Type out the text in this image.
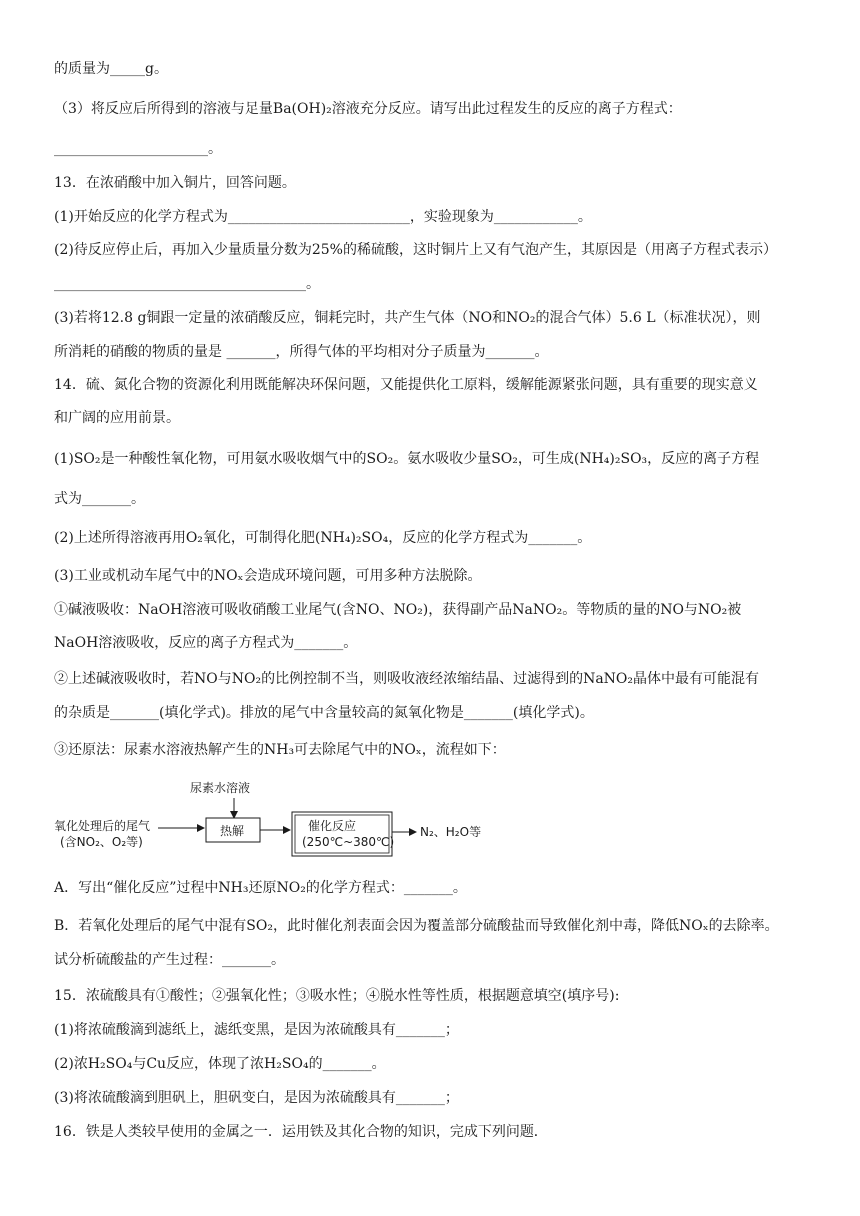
的质量为_____g。
（3）将反应后所得到的溶液与足量Ba(OH)₂溶液充分反应。请写出此过程发生的反应的离子方程式：
______________________。
13．在浓硝酸中加入铜片，回答问题。
(1)开始反应的化学方程式为__________________________，实验现象为____________。
(2)待反应停止后，再加入少量质量分数为25%的稀硫酸，这时铜片上又有气泡产生，其原因是（用离子方程式表示）
____________________________________。
(3)若将12.8 g铜跟一定量的浓硝酸反应，铜耗完时，共产生气体（NO和NO₂的混合气体）5.6 L（标准状况），则
所消耗的硝酸的物质的量是 _______，所得气体的平均相对分子质量为_______。
14．硫、氮化合物的资源化利用既能解决环保问题，又能提供化工原料，缓解能源紧张问题，具有重要的现实意义
和广阔的应用前景。
(1)SO₂是一种酸性氧化物，可用氨水吸收烟气中的SO₂。氨水吸收少量SO₂，可生成(NH₄)₂SO₃，反应的离子方程
式为_______。
(2)上述所得溶液再用O₂氧化，可制得化肥(NH₄)₂SO₄，反应的化学方程式为_______。
(3)工业或机动车尾气中的NOₓ会造成环境问题，可用多种方法脱除。
①碱液吸收：NaOH溶液可吸收硝酸工业尾气(含NO、NO₂)，获得副产品NaNO₂。等物质的量的NO与NO₂被
NaOH溶液吸收，反应的离子方程式为_______。
②上述碱液吸收时，若NO与NO₂的比例控制不当，则吸收液经浓缩结晶、过滤得到的NaNO₂晶体中最有可能混有
的杂质是_______(填化学式)。排放的尾气中含量较高的氮氧化物是_______(填化学式)。
③还原法：尿素水溶液热解产生的NH₃可去除尾气中的NOₓ，流程如下：
尿素水溶液
氧化处理后的尾气
(含NO₂、O₂等)
热解	催化反应
(250℃~380℃)
N₂、H₂O等
A．写出“催化反应”过程中NH₃还原NO₂的化学方程式：_______。
B．若氧化处理后的尾气中混有SO₂，此时催化剂表面会因为覆盖部分硫酸盐而导致催化剂中毒，降低NOₓ的去除率。
试分析硫酸盐的产生过程：_______。
15．浓硫酸具有①酸性；②强氧化性；③吸水性；④脱水性等性质，根据题意填空(填序号):
(1)将浓硫酸滴到滤纸上，滤纸变黑，是因为浓硫酸具有_______；
(2)浓H₂SO₄与Cu反应，体现了浓H₂SO₄的_______。
(3)将浓硫酸滴到胆矾上，胆矾变白，是因为浓硫酸具有_______；
16．铁是人类较早使用的金属之一．运用铁及其化合物的知识，完成下列问题．
